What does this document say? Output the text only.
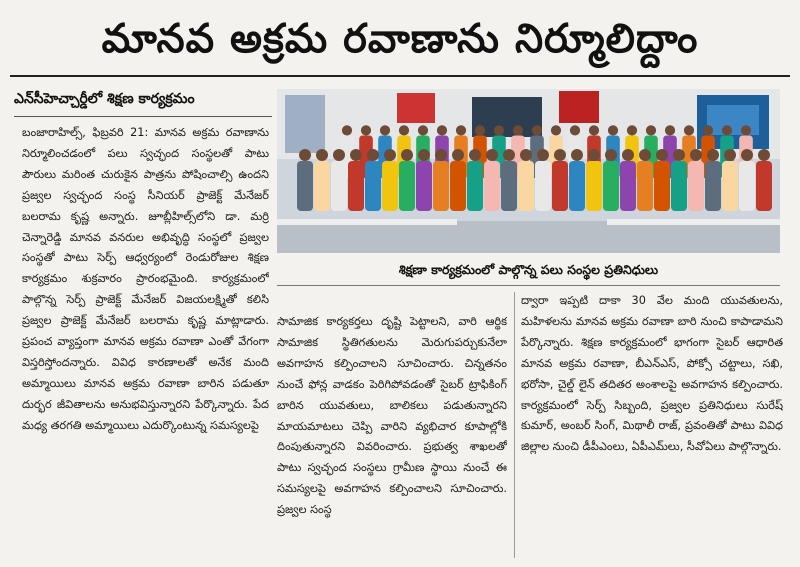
మానవ అక్రమ రవాణాను నిర్మూలిద్దాం
ఎన్‌సీహెచ్చార్డీలో శిక్షణ కార్యక్రమం

బంజారాహిల్స్‌, ఫిబ్రవరి 21: మానవ అక్రమ రవాణాను నిర్మూలించడంలో పలు స్వచ్ఛంద సంస్థలతో పాటు పౌరులు మరింత చురుకైన పాత్రను పోషించాల్సి ఉందని ప్రజ్వల స్వచ్ఛంద సంస్థ సీనియర్‌ ప్రాజెక్ట్‌ మేనేజర్‌ బలరామ కృష్ణ అన్నారు. జూబ్లీహిల్స్‌లోని డా. మర్రి చెన్నారెడ్డి మానవ వనరుల అభివృద్ధి సంస్థలో ప్రజ్వల సంస్థతో పాటు సెర్ప్‌ ఆధ్వర్యంలో రెండురోజుల శిక్షణ కార్యక్రమం శుక్రవారం ప్రారంభమైంది. కార్యక్రమంలో పాల్గొన్న సెర్ప్‌ ప్రాజెక్ట్‌ మేనేజర్‌ విజయలక్ష్మితో కలిసి ప్రజ్వల ప్రాజెక్ట్‌ మేనేజర్‌ బలరామ కృష్ణ మాట్లాడారు. ప్రపంచ వ్యాప్తంగా మానవ అక్రమ రవాణా ఎంతో వేగంగా విస్తరిస్తోందన్నారు. వివిధ కారణాలతో అనేక మంది అమ్మాయిలు మానవ అక్రమ రవాణా బారిన పడుతూ దుర్భర జీవితాలను అనుభవిస్తున్నారని పేర్కొన్నారు. పేద మధ్య తరగతి అమ్మాయిలు ఎదుర్కొంటున్న సమస్యలపై

శిక్షణా కార్యక్రమంలో పాల్గొన్న పలు సంస్థల ప్రతినిధులు

సామాజిక కార్యకర్తలు దృష్టి పెట్టాలని, వారి ఆర్థిక సామాజిక స్థితిగతులను మెరుగుపర్చుకునేలా అవగాహన కల్పించాలని సూచించారు. చిన్నతనం నుంచే ఫోన్ల వాడకం పెరిగిపోవడంతో సైబర్‌ ట్రాఫికింగ్‌ బారిన యువతులు, బాలికలు పడుతున్నారని మాయమాటలు చెప్పి వారిని వ్యభిచార కూపాల్లోకి దింపుతున్నారని వివరించారు. ప్రభుత్వ శాఖలతో పాటు స్వచ్ఛంద సంస్థలు గ్రామీణ స్థాయి నుంచే ఈ సమస్యలపై అవగాహన కల్పించాలని సూచించారు. ప్రజ్వల సంస్థ

ద్వారా ఇప్పటి దాకా 30 వేల మంది యువతులను, మహిళలను మానవ అక్రమ రవాణా బారి నుంచి కాపాడామని పేర్కొన్నారు. శిక్షణ కార్యక్రమంలో భాగంగా సైబర్‌ ఆధారిత మానవ అక్రమ రవాణా, బీఎన్‌ఎస్‌, పోక్సో చట్టాలు, సఖి, భరోసా, చైల్డ్‌ లైన్‌ తదితర అంశాలపై అవగాహన కల్పించారు. కార్యక్రమంలో సెర్ప్‌ సిబ్బంది, ప్రజ్వల ప్రతినిధులు సురేష్‌ కుమార్‌, అంబర్‌ సింగ్‌, మిథాలీ రాజ్‌, ప్రవంతితో పాటు వివిధ జిల్లాల నుంచి డీపీఎంలు, ఏపీఎమ్‌లు, సీవోఏలు పాల్గొన్నారు.
